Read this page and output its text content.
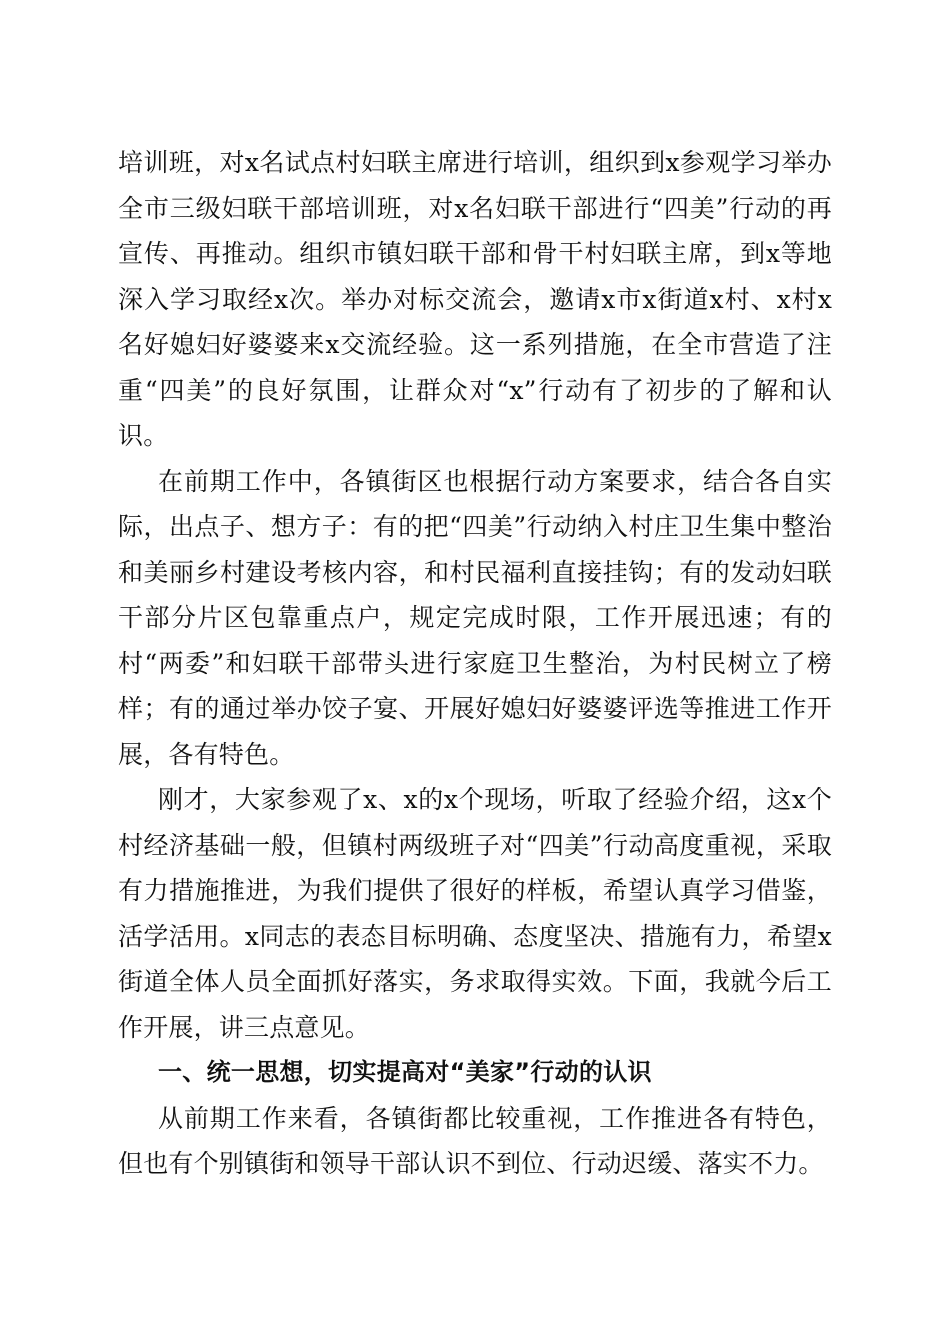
培训班，对x名试点村妇联主席进行培训，组织到x参观学习举办全市三级妇联干部培训班，对x名妇联干部进行“四美”行动的再宣传、再推动。组织市镇妇联干部和骨干村妇联主席，到x等地深入学习取经x次。举办对标交流会，邀请x市x街道x村、x村x名好媳妇好婆婆来x交流经验。这一系列措施，在全市营造了注重“四美”的良好氛围，让群众对“x”行动有了初步的了解和认识。

在前期工作中，各镇街区也根据行动方案要求，结合各自实际，出点子、想方子：有的把“四美”行动纳入村庄卫生集中整治和美丽乡村建设考核内容，和村民福利直接挂钩；有的发动妇联干部分片区包靠重点户，规定完成时限，工作开展迅速；有的村“两委”和妇联干部带头进行家庭卫生整治，为村民树立了榜样；有的通过举办饺子宴、开展好媳妇好婆婆评选等推进工作开展，各有特色。

刚才，大家参观了x、x的x个现场，听取了经验介绍，这x个村经济基础一般，但镇村两级班子对“四美”行动高度重视，采取有力措施推进，为我们提供了很好的样板，希望认真学习借鉴，活学活用。x同志的表态目标明确、态度坚决、措施有力，希望x街道全体人员全面抓好落实，务求取得实效。下面，我就今后工作开展，讲三点意见。

一、统一思想，切实提高对“美家”行动的认识

从前期工作来看，各镇街都比较重视，工作推进各有特色，但也有个别镇街和领导干部认识不到位、行动迟缓、落实不力。
